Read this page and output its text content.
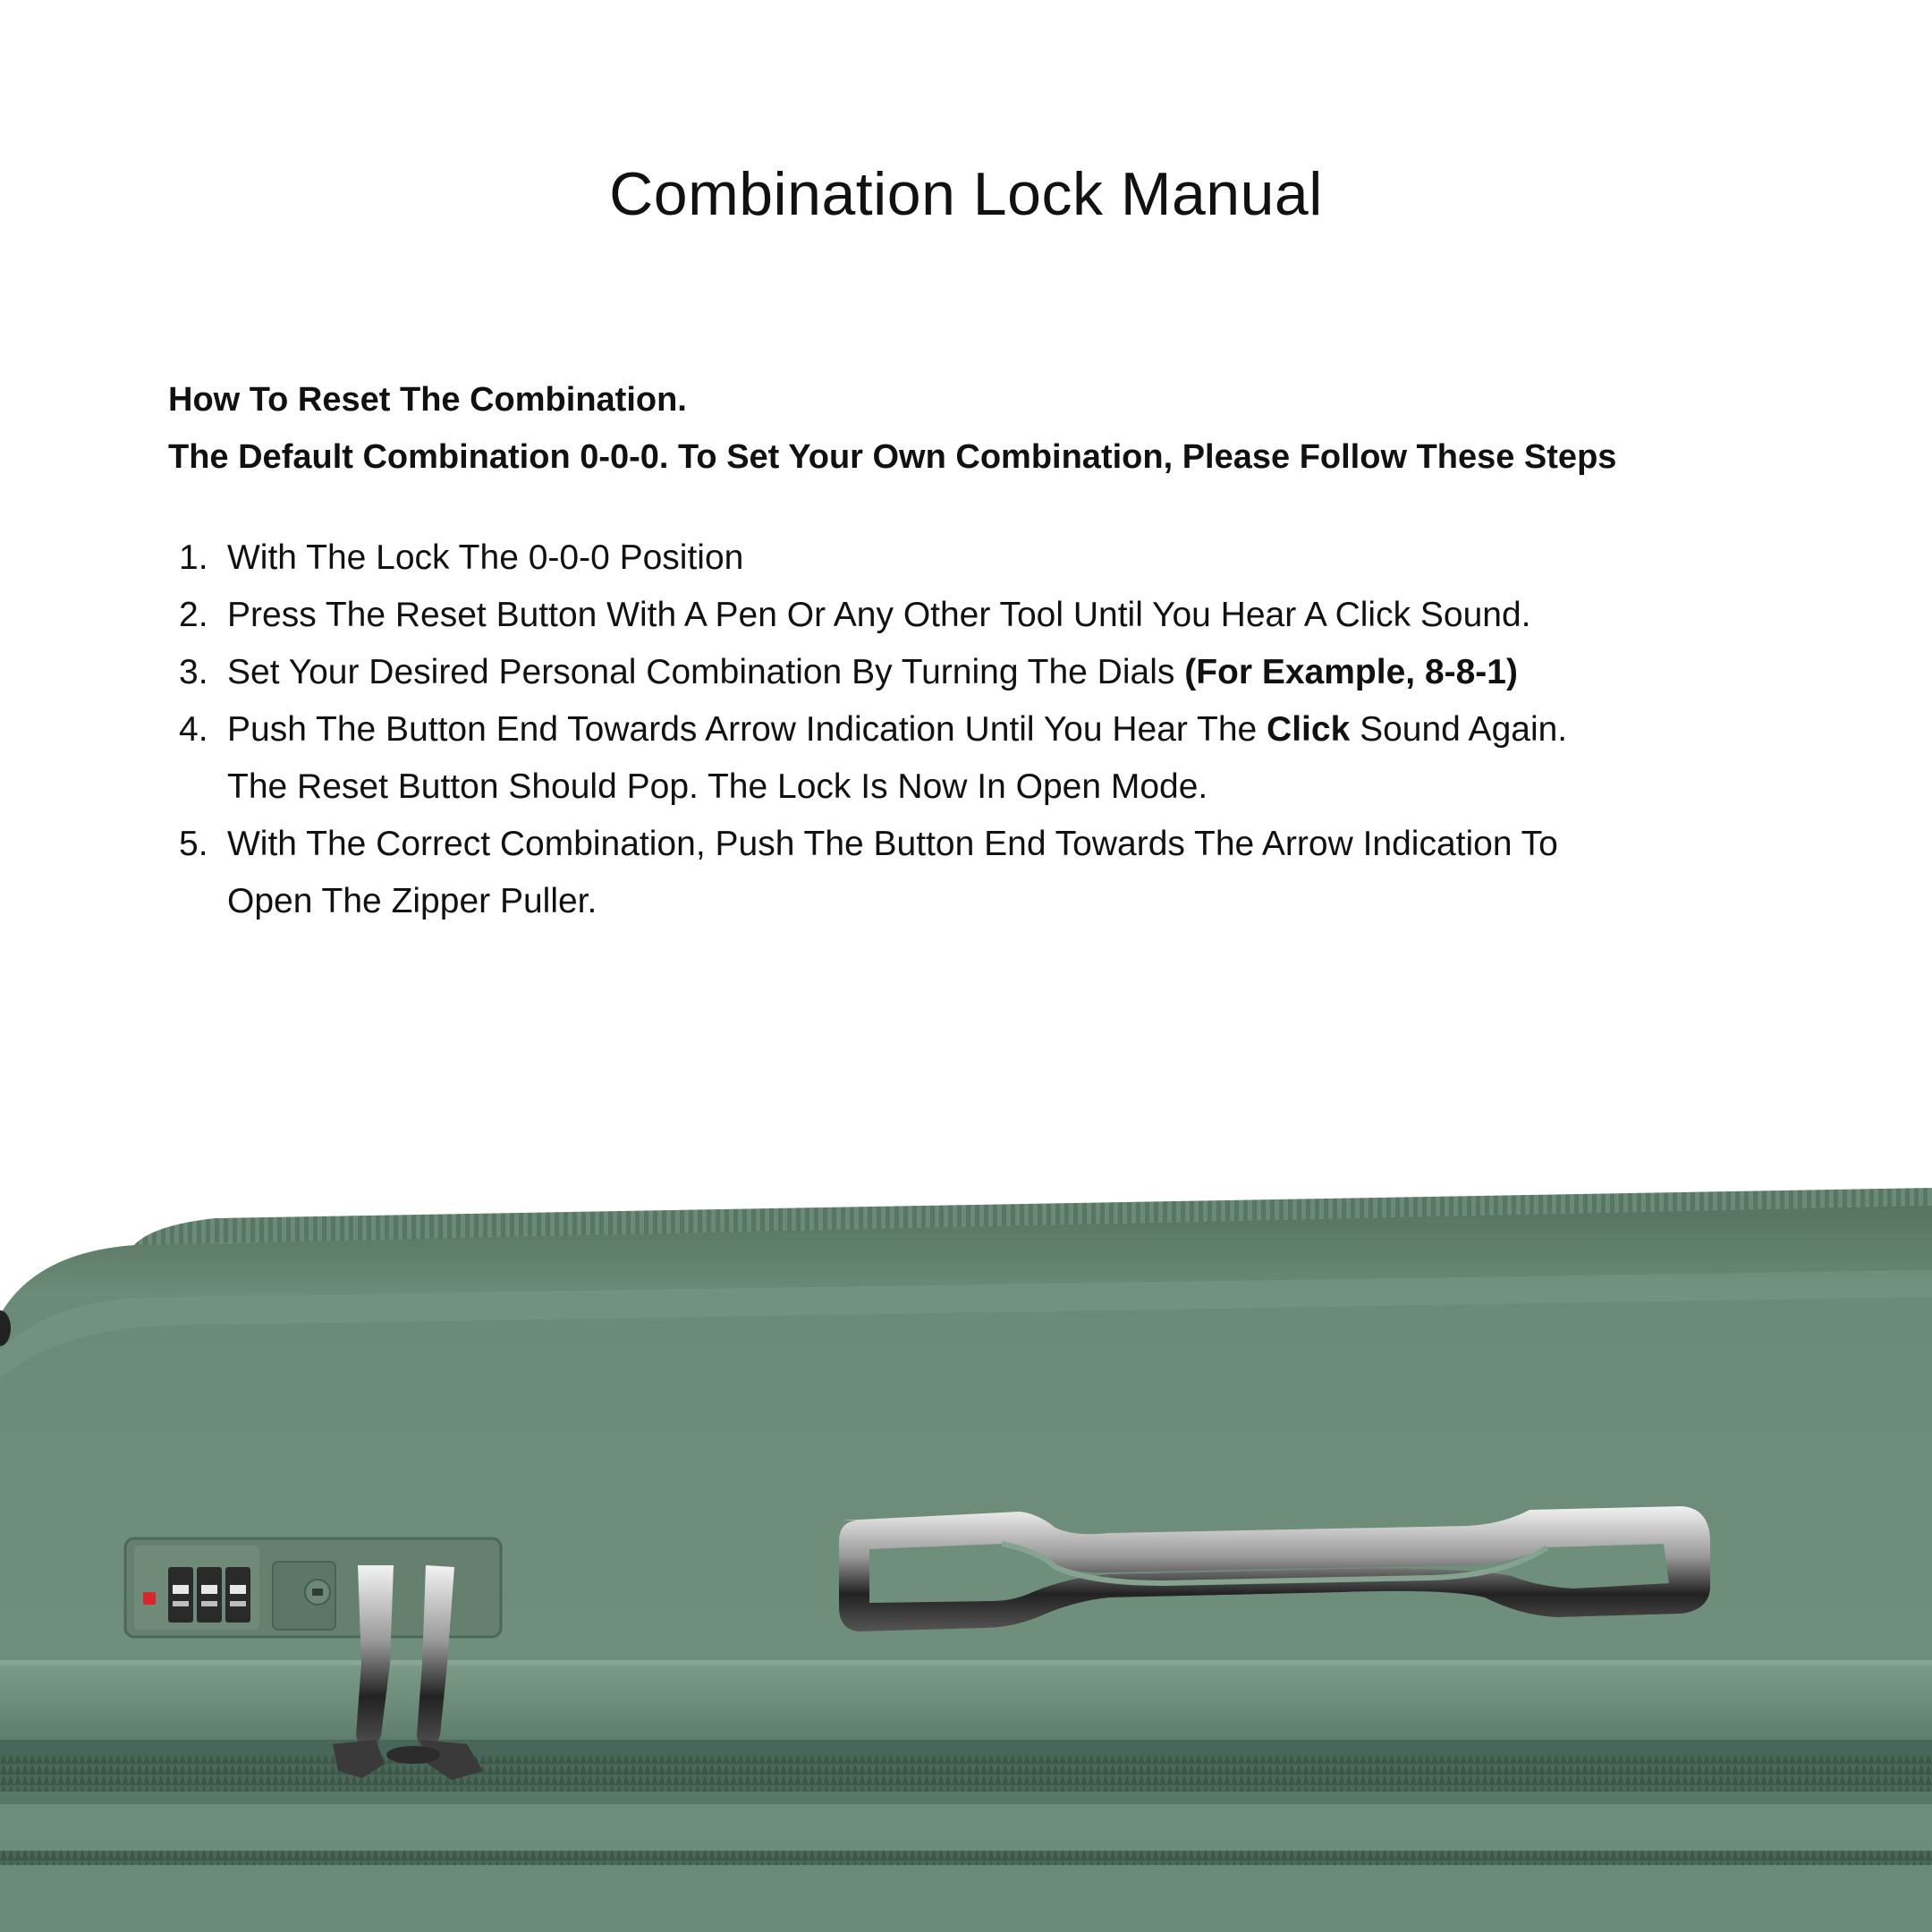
Combination Lock Manual

How To Reset The Combination.

The Default Combination 0-0-0. To Set Your Own Combination, Please Follow These Steps

1. With The Lock The 0-0-0 Position
2. Press The Reset Button With A Pen Or Any Other Tool Until You Hear A Click Sound.
3. Set Your Desired Personal Combination By Turning The Dials (For Example, 8-8-1)
4. Push The Button End Towards Arrow Indication Until You Hear The Click Sound Again.
The Reset Button Should Pop. The Lock Is Now In Open Mode.
5. With The Correct Combination, Push The Button End Towards The Arrow Indication To
Open The Zipper Puller.
